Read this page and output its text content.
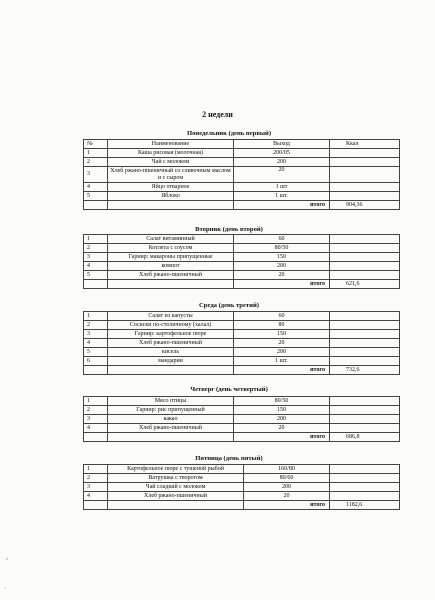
2 недели
Понедельник (день первый)
№	Наименование	Выход	Ккал
1	Каша рисовая (молочная)	200/05	
2	Чай с молоком	200	
3	Хлеб ржано-пшеничный со сливочным маслом и с сыром	20	
4	Яйцо отварное	1 шт	
5	Яблоко	1 шт.	
		итого	904,36
Вторник (день второй)
1	Салат витаминный	60	
2	Котлета с соусом	80/50	
3	Гарнир: макароны припущенные	150	
4	компот	200	
5	Хлеб ржано-пшеничный	20	
		итого	621,6
Среда (день третий)
1	Салат из капусты	60	
2	Сосиски по-столичному (халал)	80	
3	Гарнир: картофельное пюре	150	
4	Хлеб ржано-пшеничный	20	
5	кисель	200	
6	мандарин	1 шт.	
		итого	732,6
Четверг (день четвертый)
1	Мясо птицы	80/50	
2	Гарнир: рис припущенный	150	
3	какао	200	
4	Хлеб ржано-пшеничный	20	
		итого	686,8
Пятница (день пятый)
1	Картофельное пюре с тушеной рыбой	160/80	
2	Ватрушка с творогом	80/60	
3	Чай сладкий с молоком	200	
4	Хлеб ржано-пшеничный	20	
		итого	1182,6
,
·
